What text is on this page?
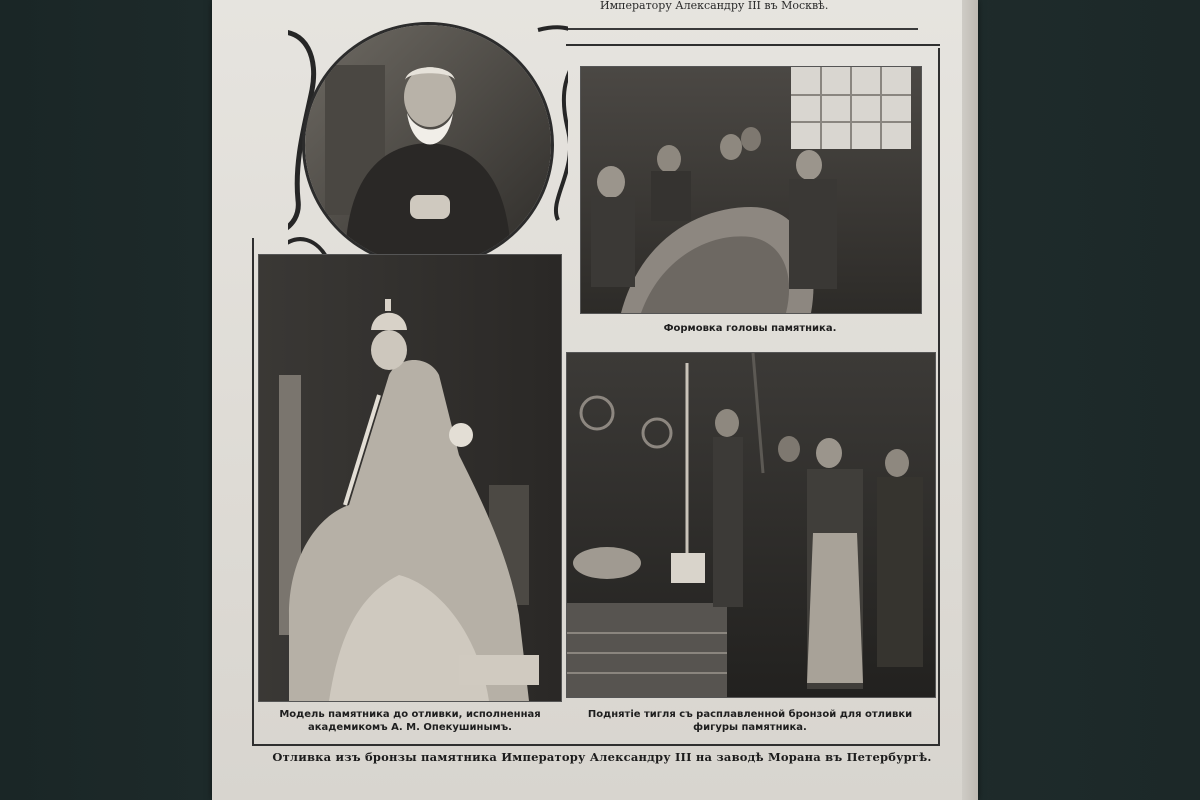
Императору Александру III въ Москвѣ.
Формовка головы памятника.
Модель памятника до отливки, исполненная
академикомъ А. М. Опекушинымъ.
Поднятіе тигля съ расплавленной бронзой для отливки
фигуры памятника.
Отливка изъ бронзы памятника Императору Александру III на заводѣ Морана въ Петербургѣ.
